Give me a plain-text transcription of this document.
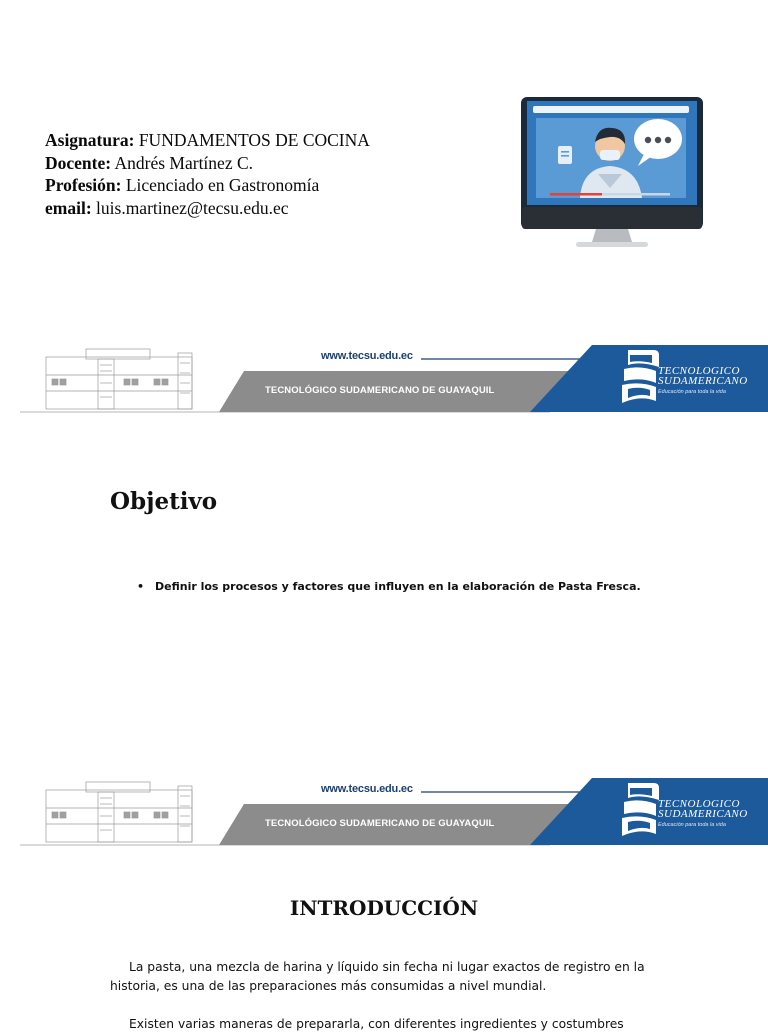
Asignatura: FUNDAMENTOS DE COCINA
Docente: Andrés Martínez C.
Profesión: Licenciado en Gastronomía
email: luis.martinez@tecsu.edu.ec
www.tecsu.edu.ec
TECNOLÓGICO SUDAMERICANO DE GUAYAQUIL
TECNOLOGICO
SUDAMERICANO
Educación para toda la vida
Objetivo
• Definir los procesos y factores que influyen en la elaboración de Pasta Fresca.
www.tecsu.edu.ec
TECNOLÓGICO SUDAMERICANO DE GUAYAQUIL
TECNOLOGICO
SUDAMERICANO
Educación para toda la vida
INTRODUCCIÓN

La pasta, una mezcla de harina y líquido sin fecha ni lugar exactos de registro en la historia, es una de las preparaciones más consumidas a nivel mundial.

Existen varias maneras de prepararla, con diferentes ingredientes y costumbres
